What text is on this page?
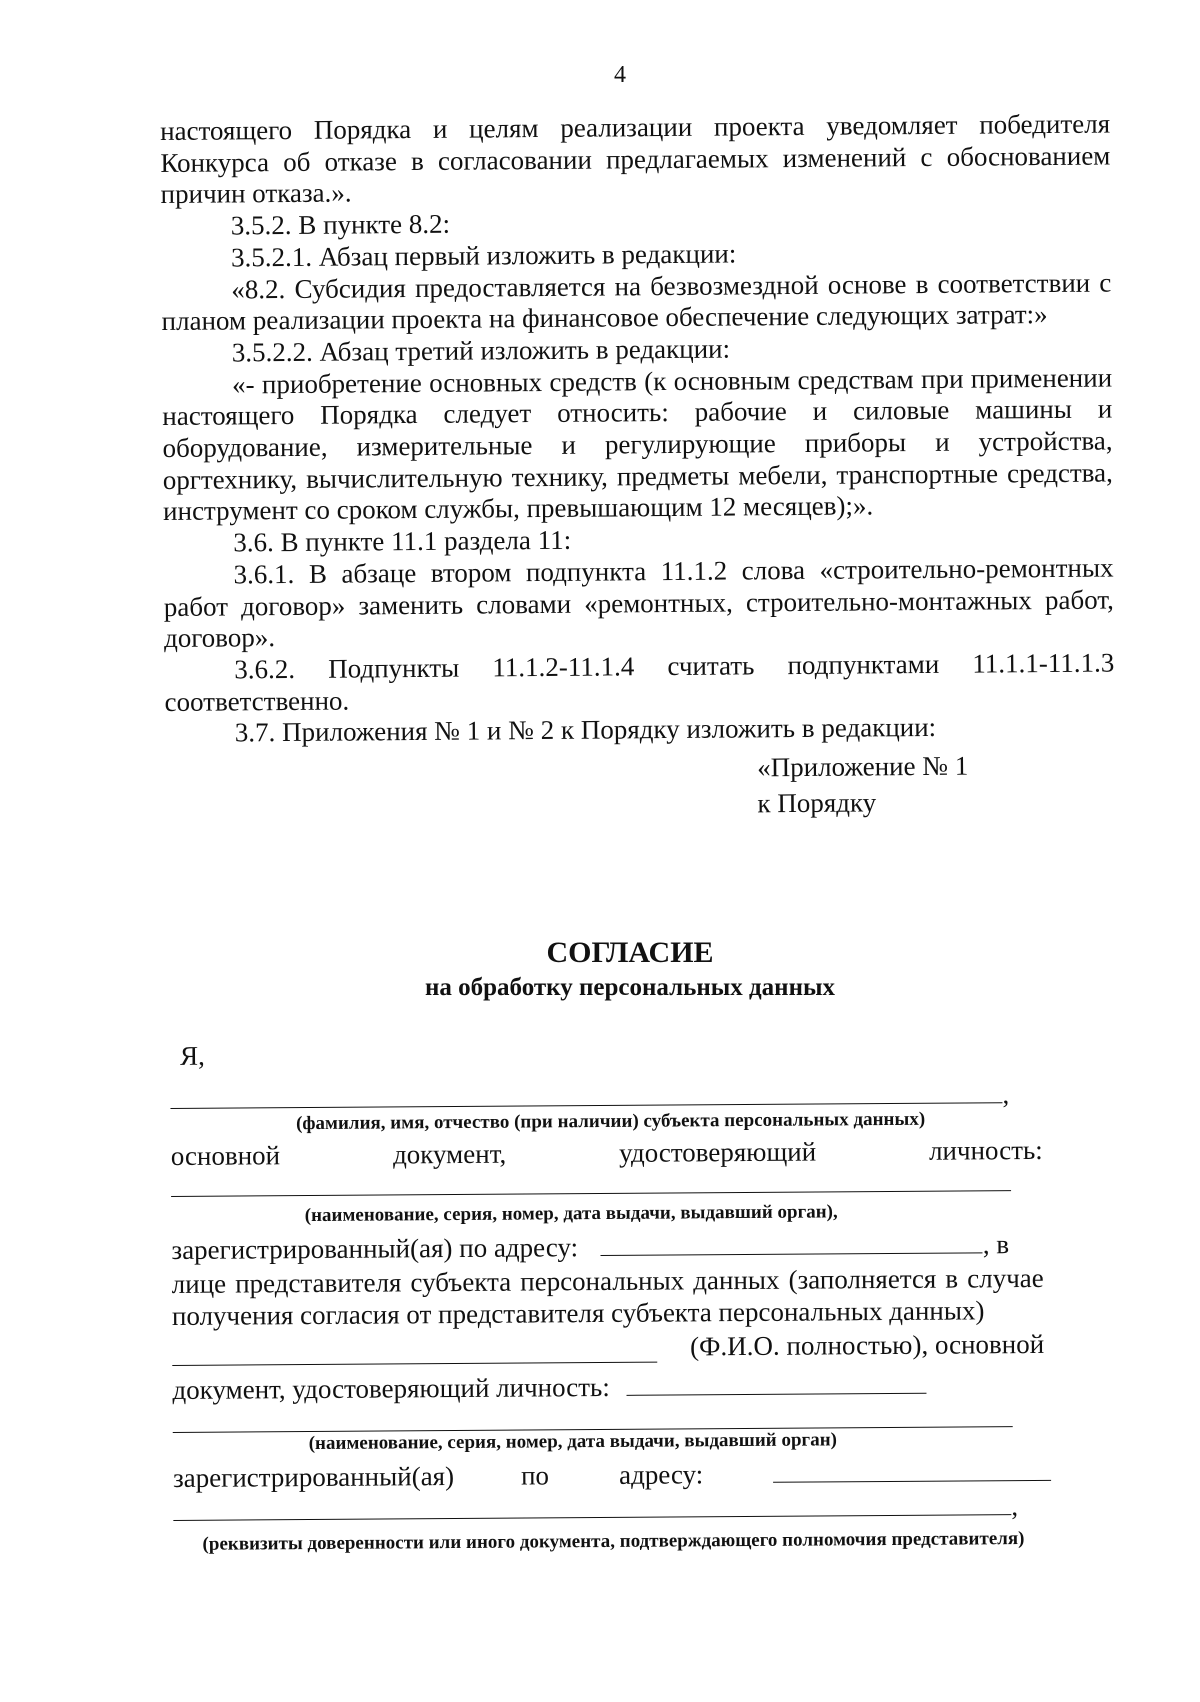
4

настоящего Порядка и целям реализации проекта уведомляет победителя Конкурса об отказе в согласовании предлагаемых изменений с обоснованием причин отказа.».

3.5.2. В пункте 8.2:

3.5.2.1. Абзац первый изложить в редакции:

«8.2. Субсидия предоставляется на безвозмездной основе в соответствии с планом реализации проекта на финансовое обеспечение следующих затрат:»

3.5.2.2. Абзац третий изложить в редакции:

«- приобретение основных средств (к основным средствам при применении настоящего Порядка следует относить: рабочие и силовые машины и оборудование, измерительные и регулирующие приборы и устройства, оргтехнику, вычислительную технику, предметы мебели, транспортные средства, инструмент со сроком службы, превышающим 12 месяцев);».

3.6. В пункте 11.1 раздела 11:

3.6.1. В абзаце втором подпункта 11.1.2 слова «строительно-ремонтных работ договор» заменить словами «ремонтных, строительно-монтажных работ, договор».

3.6.2. Подпункты 11.1.2-11.1.4 считать подпунктами 11.1.1-11.1.3 соответственно.

3.7. Приложения № 1 и № 2 к Порядку изложить в редакции:

«Приложение № 1
к Порядку
СОГЛАСИЕ
на обработку персональных данных
Я,
,
(фамилия, имя, отчество (при наличии) субъекта персональных данных)
основной	документ,	удостоверяющий	личность:
(наименование, серия, номер, дата выдачи, выдавший орган),
зарегистрированный(ая) по адресу:	, в

лице представителя субъекта персональных данных (заполняется в случае получения согласия от представителя субъекта персональных данных)

(Ф.И.О. полностью), основной
документ, удостоверяющий личность:
(наименование, серия, номер, дата выдачи, выдавший орган)
зарегистрированный(ая) по	адресу:
,
(реквизиты доверенности или иного документа, подтверждающего полномочия представителя)
